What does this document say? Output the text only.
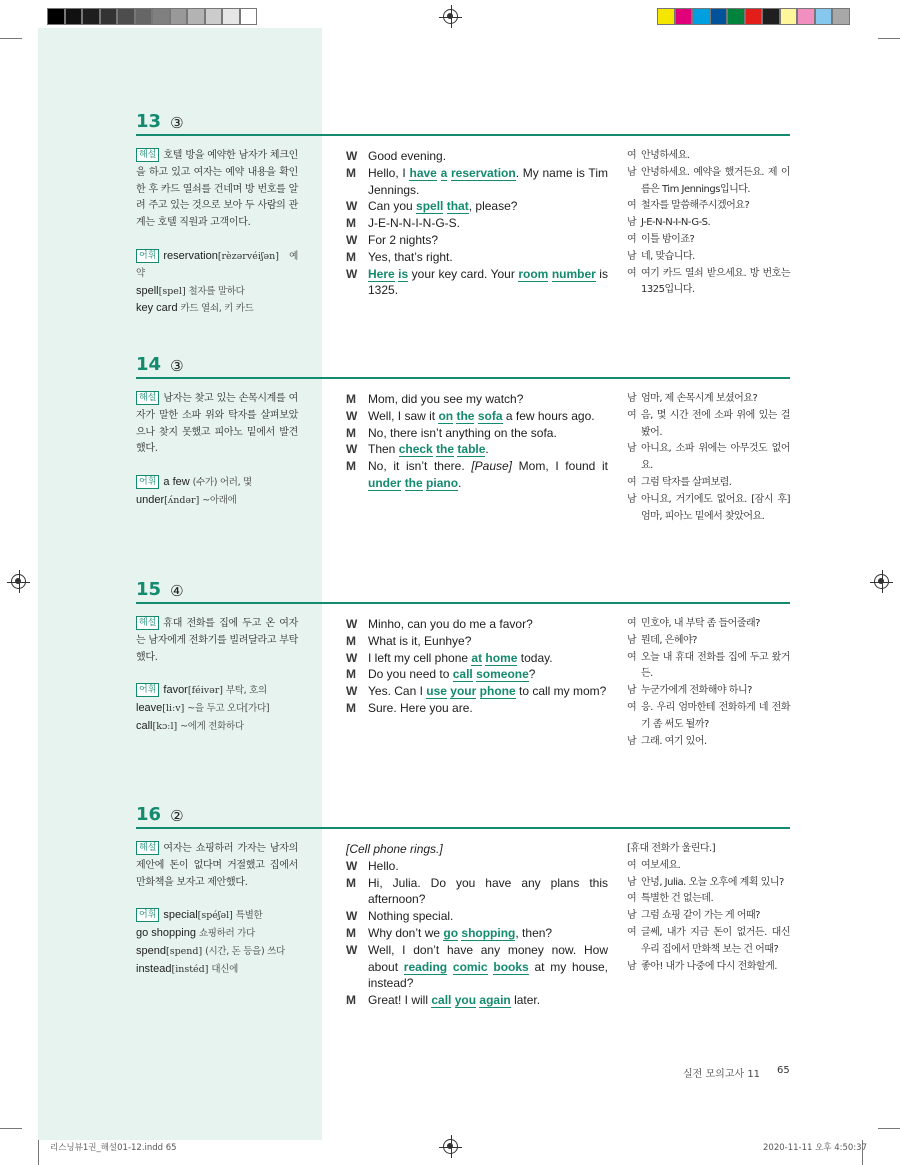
13 ③
해설 호텔 방을 예약한 남자가 체크인을 하고 있고 여자는 예약 내용을 확인한 후 카드 열쇠를 건네며 방 번호를 알려 주고 있는 것으로 보아 두 사람의 관계는 호텔 직원과 고객이다.
어휘 reservation[rèzərvéiʃən] 예약
spell[spel] 철자를 말하다
key card 카드 열쇠, 키 카드
W Good evening.
M Hello, I have a reservation. My name is Tim Jennings.
W Can you spell that, please?
M J-E-N-N-I-N-G-S.
W For 2 nights?
M Yes, that’s right.
W Here is your key card. Your room number is 1325.
여 안녕하세요.
남 안녕하세요. 예약을 했거든요. 제 이름은 Tim Jennings입니다.
여 철자를 말씀해주시겠어요?
남 J-E-N-N-I-N-G-S.
여 이틀 밤이죠?
남 네, 맞습니다.
여 여기 카드 열쇠 받으세요. 방 번호는 1325입니다.
14 ③
해설 남자는 찾고 있는 손목시계를 여자가 말한 소파 위와 탁자를 살펴보았으나 찾지 못했고 피아노 밑에서 발견했다.
어휘 a few (수가) 어러, 몇
under[ʌ́ndər] ~아래에
M Mom, did you see my watch?
W Well, I saw it on the sofa a few hours ago.
M No, there isn’t anything on the sofa.
W Then check the table.
M No, it isn’t there. [Pause] Mom, I found it under the piano.
남 엄마, 제 손목시계 보셨어요?
여 음, 몇 시간 전에 소파 위에 있는 걸 봤어.
남 아니요, 소파 위에는 아무것도 없어요.
여 그럼 탁자를 살펴보렴.
남 아니요, 거기에도 없어요. [잠시 후] 엄마, 피아노 밑에서 찾았어요.
15 ④
해설 휴대 전화를 집에 두고 온 여자는 남자에게 전화기를 빌려달라고 부탁했다.
어휘 favor[féivər] 부탁, 호의
leave[liːv] ~을 두고 오다[가다]
call[kɔːl] ~에게 전화하다
W Minho, can you do me a favor?
M What is it, Eunhye?
W I left my cell phone at home today.
M Do you need to call someone?
W Yes. Can I use your phone to call my mom?
M Sure. Here you are.
여 민호야, 내 부탁 좀 들어줄래?
남 뭔데, 은혜야?
여 오늘 내 휴대 전화를 집에 두고 왔거든.
남 누군가에게 전화해야 하니?
여 응. 우리 엄마한테 전화하게 네 전화기 좀 써도 될까?
남 그래. 여기 있어.
16 ②
해설 여자는 쇼핑하러 가자는 남자의 제안에 돈이 없다며 거절했고 집에서 만화책을 보자고 제안했다.
어휘 special[spéʃəl] 특별한
go shopping 쇼핑하러 가다
spend[spend] (시간, 돈 등을) 쓰다
instead[instéd] 대신에
[Cell phone rings.]
W Hello.
M Hi, Julia. Do you have any plans this afternoon?
W Nothing special.
M Why don’t we go shopping, then?
W Well, I don’t have any money now. How about reading comic books at my house, instead?
M Great! I will call you again later.
[휴대 전화가 울린다.]
여 여보세요.
남 안녕, Julia. 오늘 오후에 계획 있니?
여 특별한 건 없는데.
남 그럼 쇼핑 같이 가는 게 어때?
여 글쎄, 내가 지금 돈이 없거든. 대신 우리 집에서 만화책 보는 건 어때?
남 좋아! 내가 나중에 다시 전화할게.
실전 모의고사 11 65
리스닝뷰1권_해설01-12.indd 65	2020-11-11 오후 4:50:37
